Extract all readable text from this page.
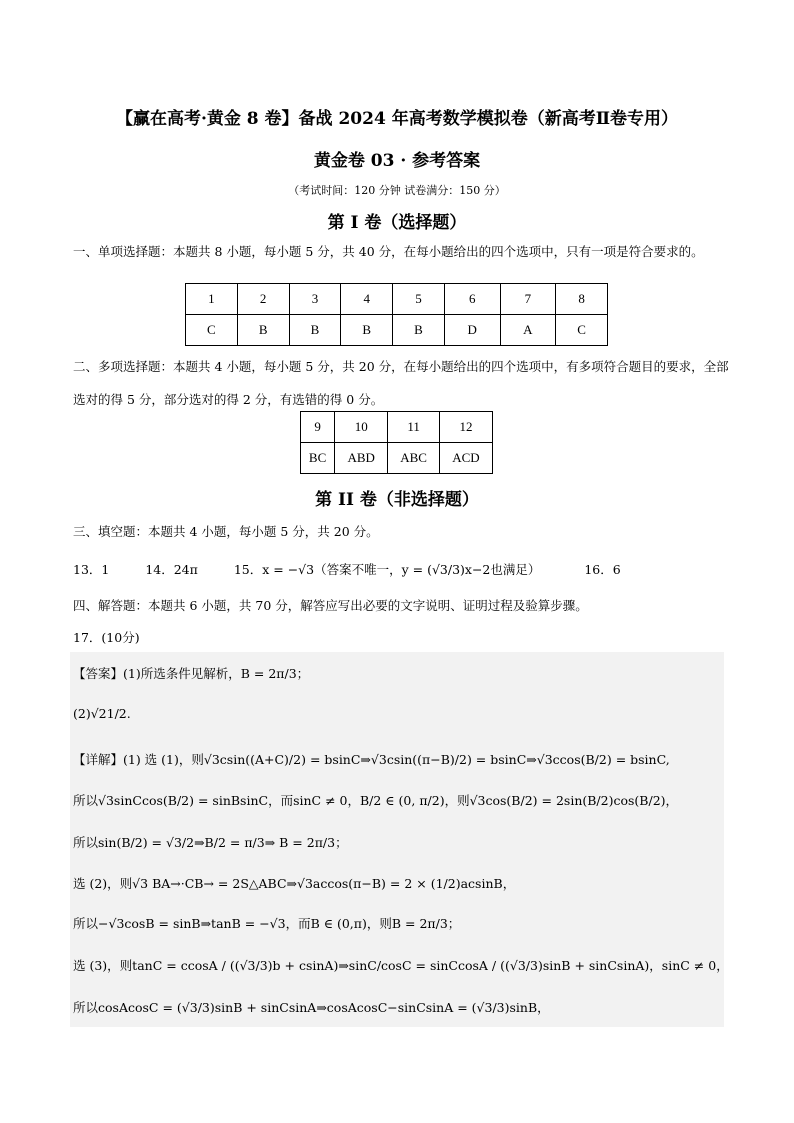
【赢在高考·黄金 8 卷】备战 2024 年高考数学模拟卷（新高考Ⅱ卷专用）
黄金卷 03 · 参考答案
（考试时间：120 分钟 试卷满分：150 分）
第 I 卷（选择题）
一、单项选择题：本题共 8 小题，每小题 5 分，共 40 分，在每小题给出的四个选项中，只有一项是符合要求的。
1	2	3	4	5	6	7	8
C	B	B	B	B	D	A	C
二、多项选择题：本题共 4 小题，每小题 5 分，共 20 分，在每小题给出的四个选项中，有多项符合题目的要求，全部选对的得 5 分，部分选对的得 2 分，有选错的得 0 分。
9	10	11	12
BC	ABD	ABC	ACD
第 II 卷（非选择题）
三、填空题：本题共 4 小题，每小题 5 分，共 20 分。
13．1	14．24π	15．x = −√3（答案不唯一，y = (√3/3)x−2也满足）	16．6
四、解答题：本题共 6 小题，共 70 分，解答应写出必要的文字说明、证明过程及验算步骤。
17．(10分)
【答案】(1)所选条件见解析，B = 2π/3；
(2)√21/2.
【详解】(1) 选 (1)，则√3csin((A+C)/2) = bsinC⇒√3csin((π−B)/2) = bsinC⇒√3ccos(B/2) = bsinC,
所以√3sinCcos(B/2) = sinBsinC，而sinC ≠ 0，B/2 ∈ (0, π/2)，则√3cos(B/2) = 2sin(B/2)cos(B/2)，
所以sin(B/2) = √3/2⇒B/2 = π/3⇒ B = 2π/3；
选 (2)，则√3 BA→·CB→ = 2S△ABC⇒√3accos(π−B) = 2 × (1/2)acsinB，
所以−√3cosB = sinB⇒tanB = −√3，而B ∈ (0,π)，则B = 2π/3；
选 (3)，则tanC = ccosA / ((√3/3)b + csinA)⇒sinC/cosC = sinCcosA / ((√3/3)sinB + sinCsinA)，sinC ≠ 0，
所以cosAcosC = (√3/3)sinB + sinCsinA⇒cosAcosC−sinCsinA = (√3/3)sinB，
